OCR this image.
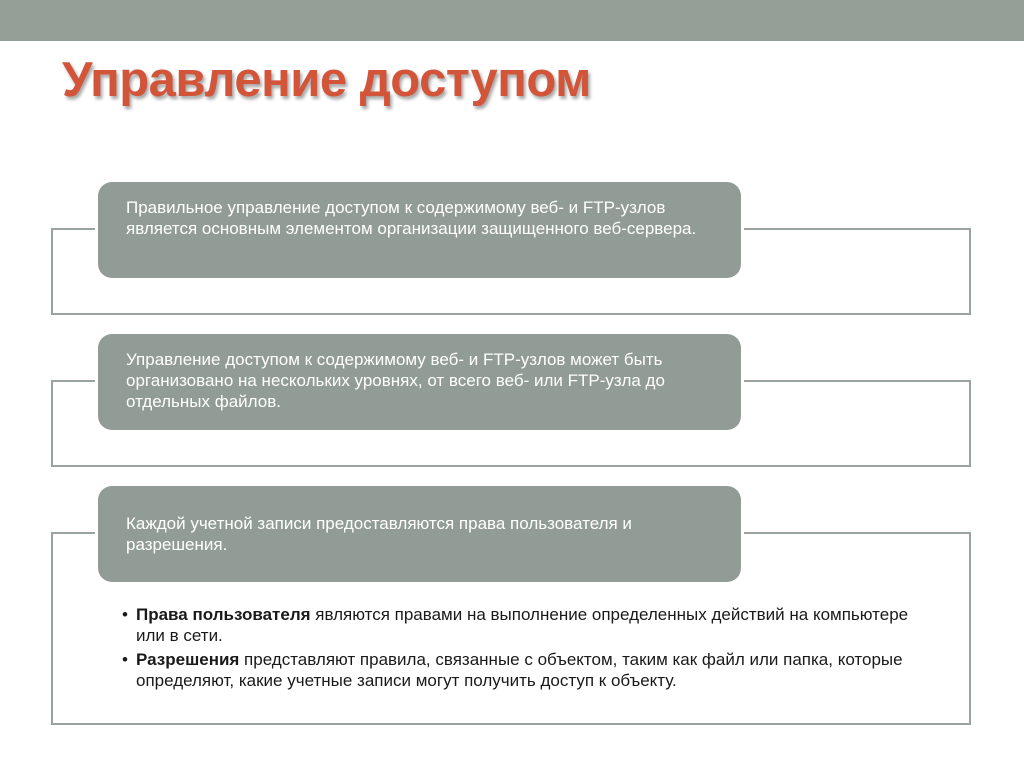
Управление доступом
Правильное управление доступом к содержимому веб- и FTP-узлов является основным элементом организации защищенного веб-сервера.
Управление доступом к содержимому веб- и FTP-узлов может быть организовано на нескольких уровнях, от всего веб- или FTP-узла до отдельных файлов.
Каждой учетной записи предоставляются права пользователя и разрешения.
• Права пользователя являются правами на выполнение определенных действий на компьютере или в сети.
• Разрешения представляют правила, связанные с объектом, таким как файл или папка, которые определяют, какие учетные записи могут получить доступ к объекту.
